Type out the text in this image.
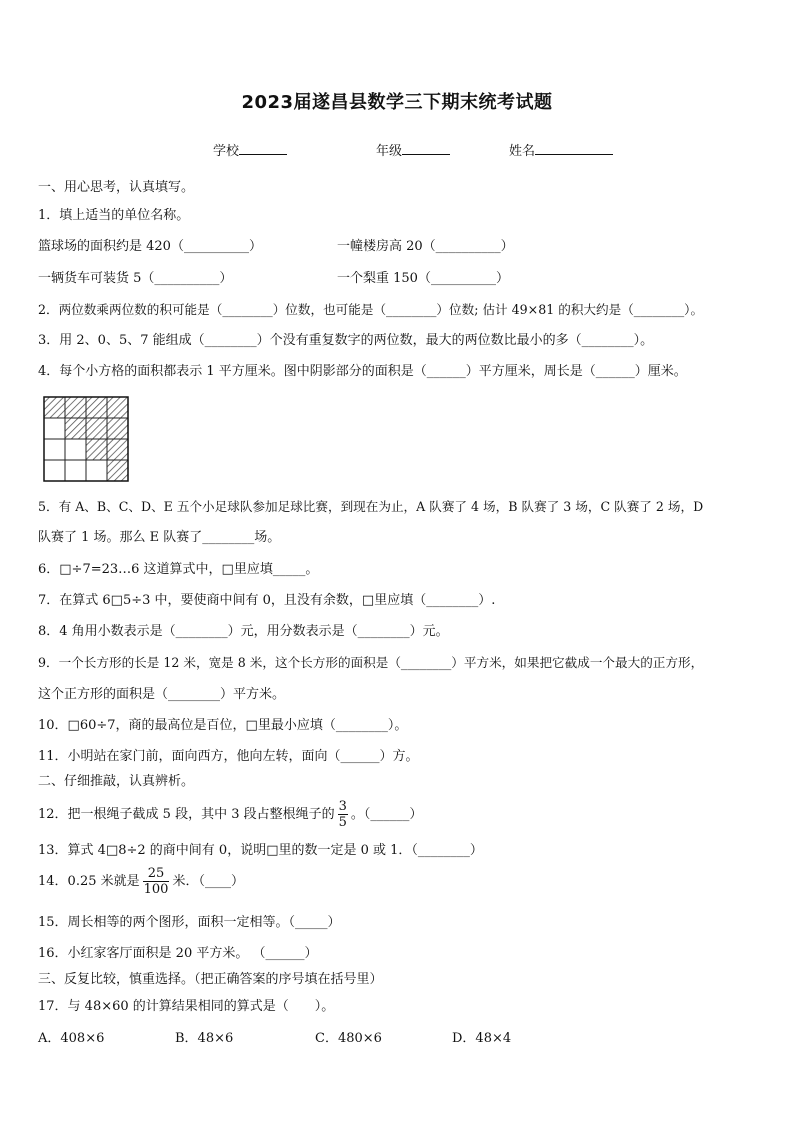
2023届遂昌县数学三下期末统考试题
学校	年级	姓名
一、用心思考，认真填写。
1．填上适当的单位名称。
篮球场的面积约是 420（__________）	一幢楼房高 20（__________）
一辆货车可装货 5（__________）	一个梨重 150（__________）
2．两位数乘两位数的积可能是（________）位数，也可能是（________）位数; 估计 49×81 的积大约是（________）。
3．用 2、0、5、7 能组成（________）个没有重复数字的两位数，最大的两位数比最小的多（________）。
4．每个小方格的面积都表示 1 平方厘米。图中阴影部分的面积是（______）平方厘米，周长是（______）厘米。
5．有 A、B、C、D、E 五个小足球队参加足球比赛，到现在为止，A 队赛了 4 场，B 队赛了 3 场，C 队赛了 2 场，D
队赛了 1 场。那么 E 队赛了________场。
6．□÷7=23…6 这道算式中，□里应填_____。
7．在算式 6□5÷3 中，要使商中间有 0，且没有余数，□里应填（________）.
8．4 角用小数表示是（________）元，用分数表示是（________）元。
9．一个长方形的长是 12 米，宽是 8 米，这个长方形的面积是（________）平方米，如果把它截成一个最大的正方形，
这个正方形的面积是（________）平方米。
10．□60÷7，商的最高位是百位，□里最小应填（________）。
11．小明站在家门前，面向西方，他向左转，面向（______）方。
二、仔细推敲，认真辨析。
12．把一根绳子截成 5 段，其中 3 段占整根绳子的 $\frac{3}{5}$ 。（______）
13．算式 4□8÷2 的商中间有 0，说明□里的数一定是 0 或 1．（________）
14．0.25 米就是 $\frac{25}{100}$ 米．（____）
15．周长相等的两个图形，面积一定相等。（_____）
16．小红家客厅面积是 20 平方米。 （______）
三、反复比较，慎重选择。（把正确答案的序号填在括号里）
17．与 48×60 的计算结果相同的算式是（　　）。
A．408×6	B．48×6	C．480×6	D．48×4
